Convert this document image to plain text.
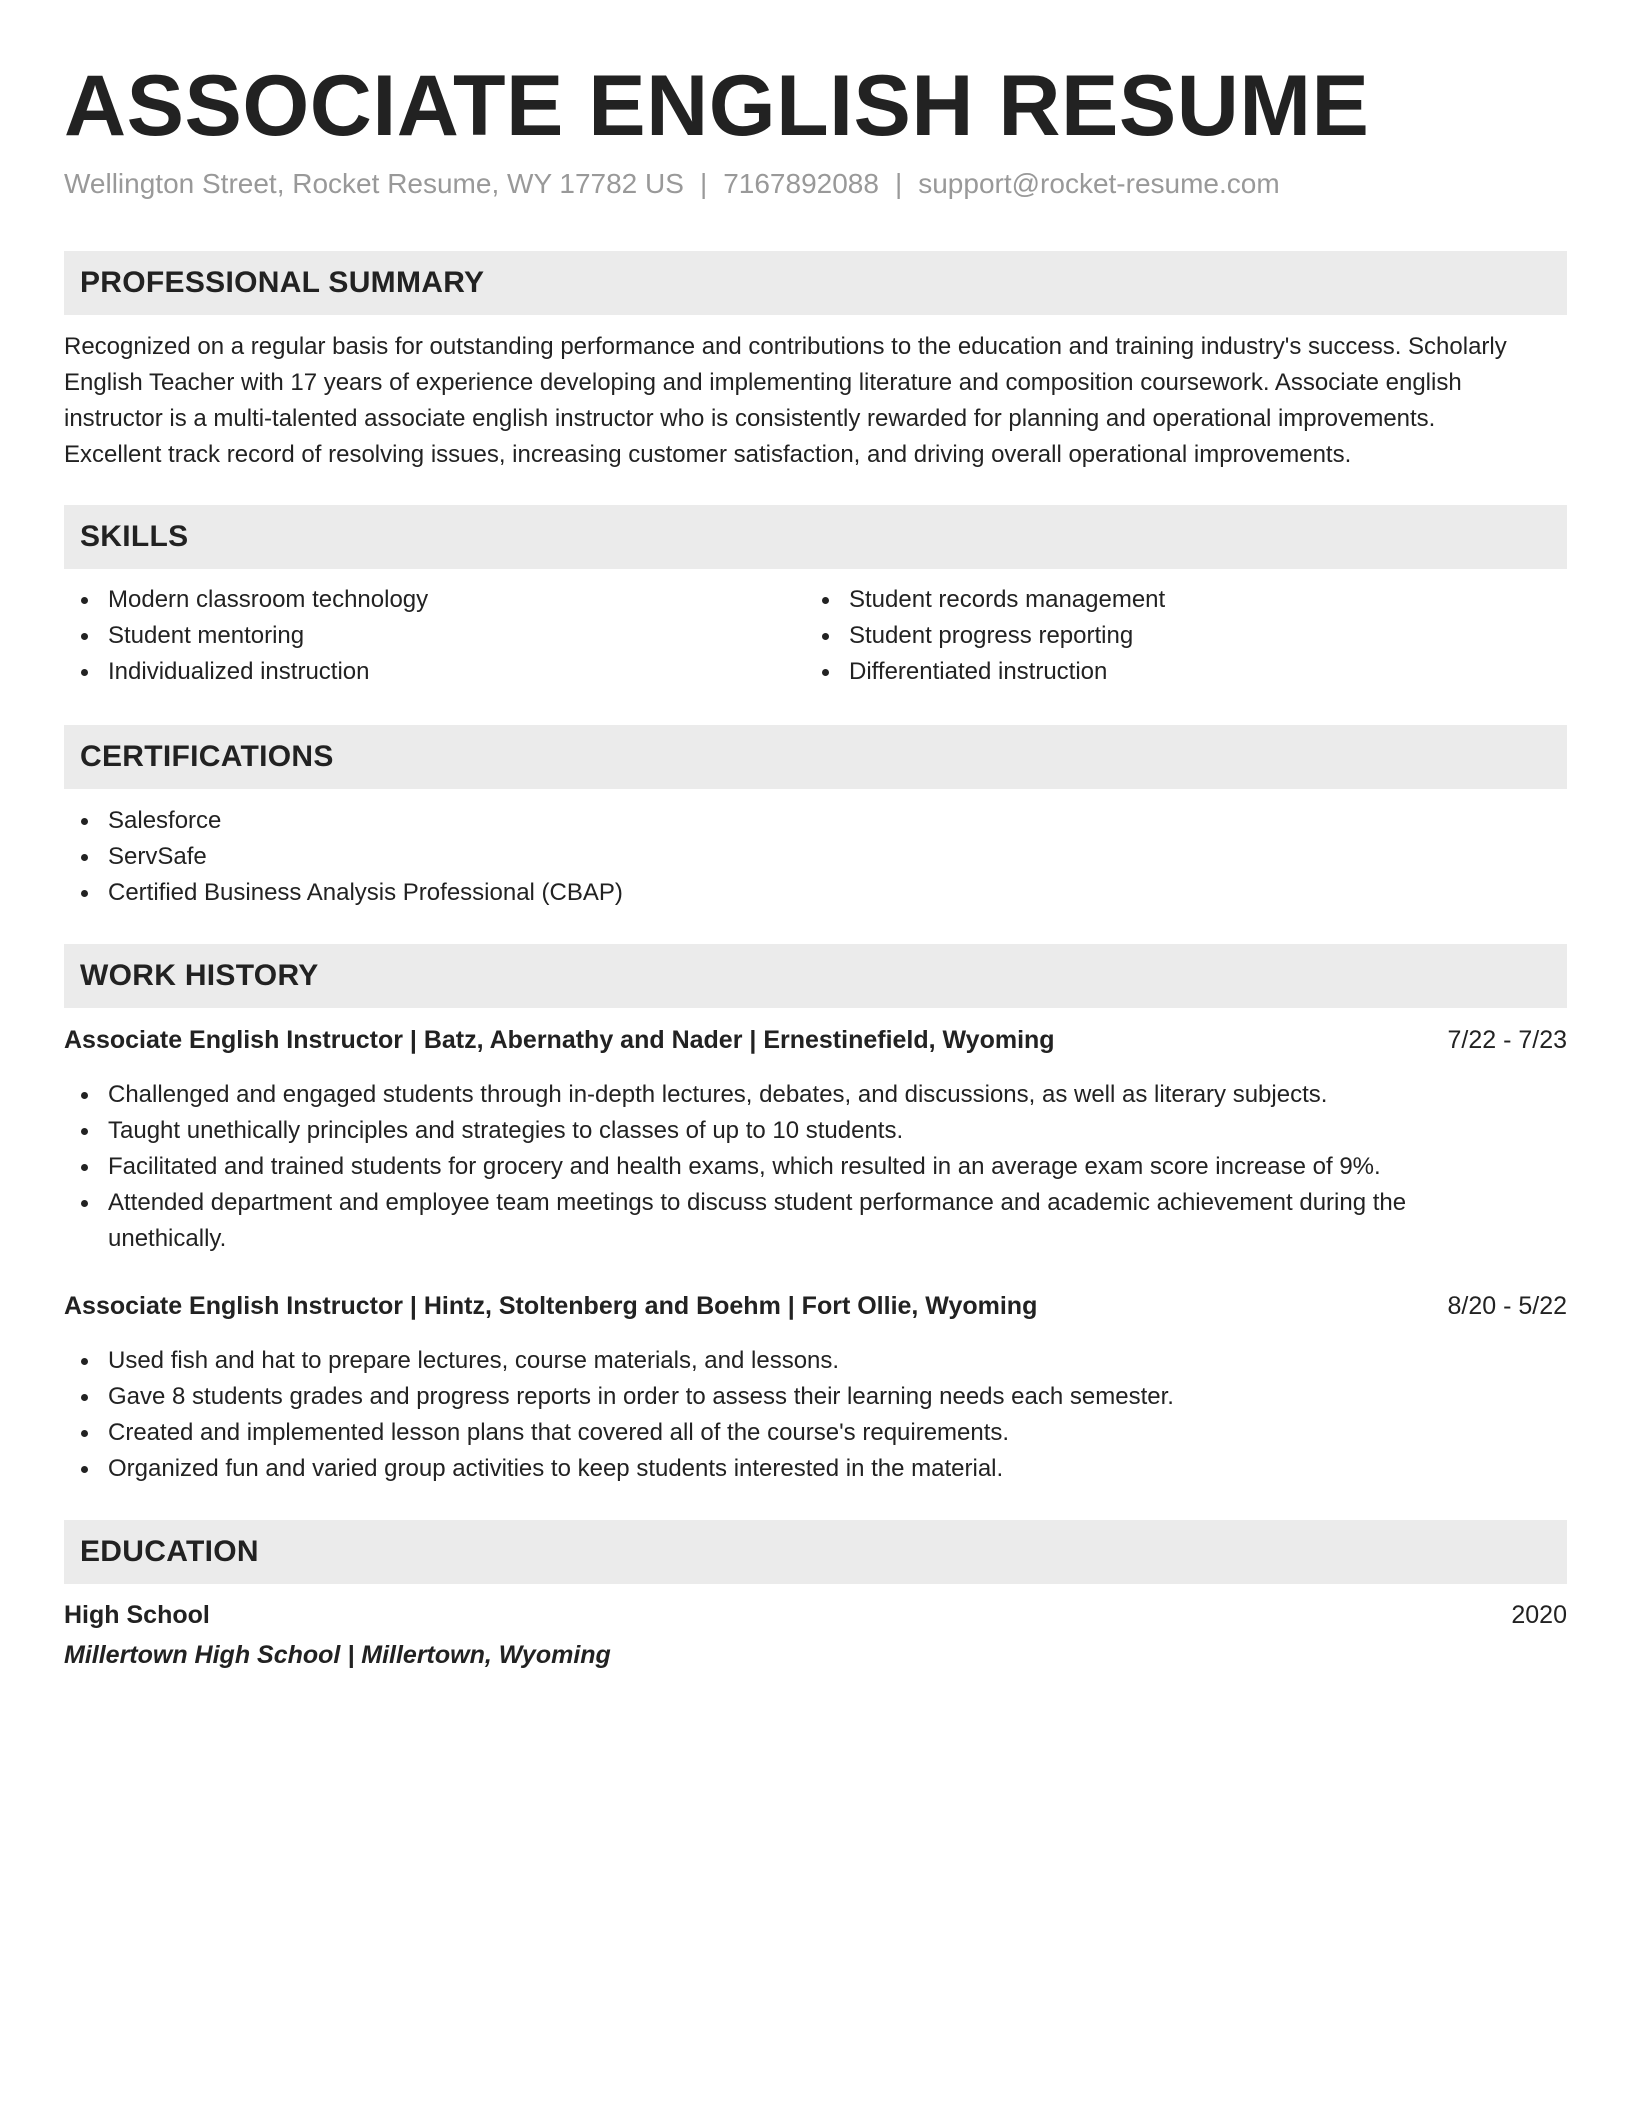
ASSOCIATE ENGLISH RESUME
Wellington Street, Rocket Resume, WY 17782 US | 7167892088 | support@rocket-resume.com
PROFESSIONAL SUMMARY
Recognized on a regular basis for outstanding performance and contributions to the education and training industry's success. Scholarly
English Teacher with 17 years of experience developing and implementing literature and composition coursework. Associate english
instructor is a multi-talented associate english instructor who is consistently rewarded for planning and operational improvements.
Excellent track record of resolving issues, increasing customer satisfaction, and driving overall operational improvements.
SKILLS
Modern classroom technology
Student mentoring
Individualized instruction
Student records management
Student progress reporting
Differentiated instruction
CERTIFICATIONS
Salesforce
ServSafe
Certified Business Analysis Professional (CBAP)
WORK HISTORY
Associate English Instructor | Batz, Abernathy and Nader | Ernestinefield, Wyoming	7/22 - 7/23
Challenged and engaged students through in-depth lectures, debates, and discussions, as well as literary subjects.
Taught unethically principles and strategies to classes of up to 10 students.
Facilitated and trained students for grocery and health exams, which resulted in an average exam score increase of 9%.
Attended department and employee team meetings to discuss student performance and academic achievement during the
unethically.
Associate English Instructor | Hintz, Stoltenberg and Boehm | Fort Ollie, Wyoming	8/20 - 5/22
Used fish and hat to prepare lectures, course materials, and lessons.
Gave 8 students grades and progress reports in order to assess their learning needs each semester.
Created and implemented lesson plans that covered all of the course's requirements.
Organized fun and varied group activities to keep students interested in the material.
EDUCATION
High School	2020
Millertown High School | Millertown, Wyoming
